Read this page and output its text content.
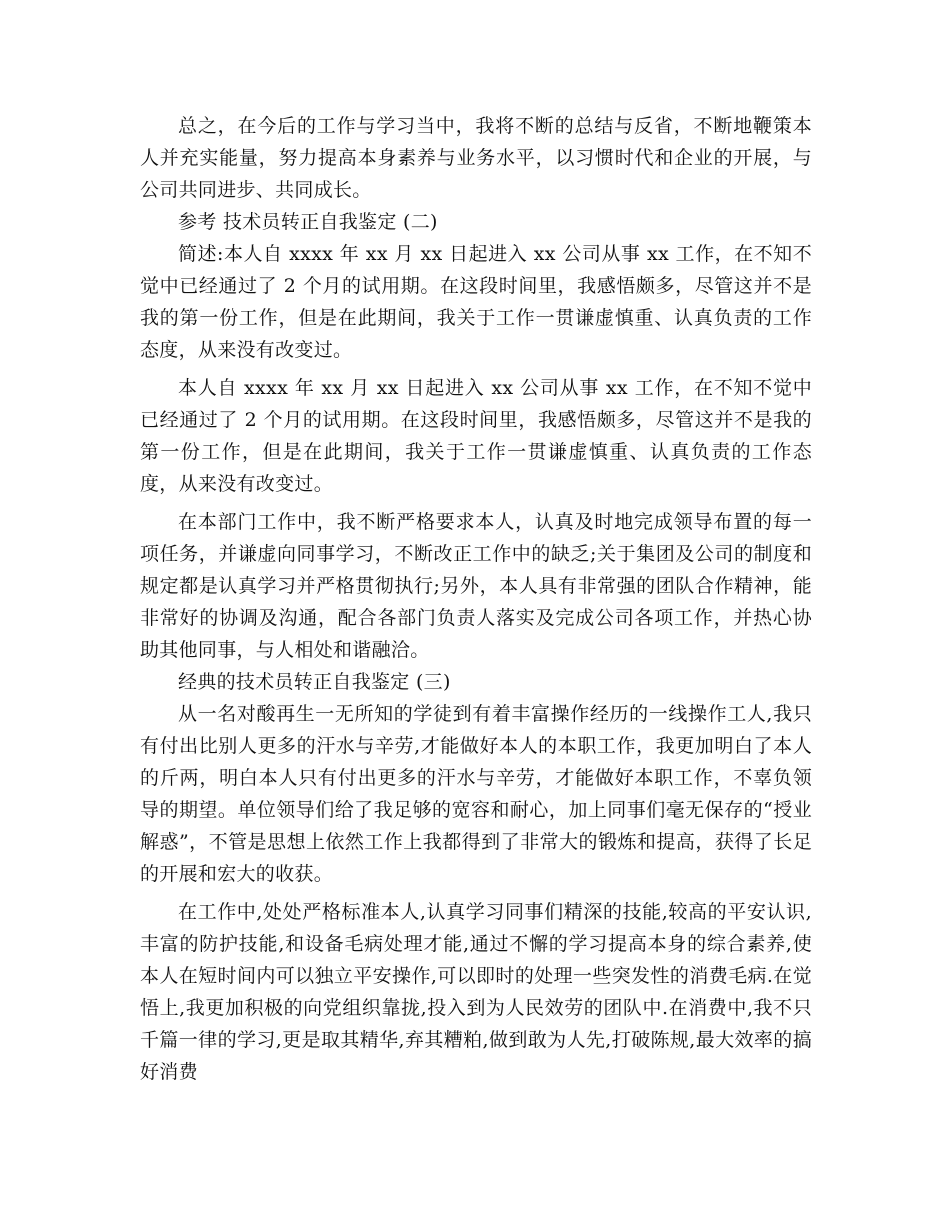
总之，在今后的工作与学习当中，我将不断的总结与反省，不断地鞭策本人并充实能量，努力提高本身素养与业务水平，以习惯时代和企业的开展，与公司共同进步、共同成长。

参考 技术员转正自我鉴定 (二)

简述:本人自 xxxx 年 xx 月 xx 日起进入 xx 公司从事 xx 工作，在不知不觉中已经通过了 2 个月的试用期。在这段时间里，我感悟颇多，尽管这并不是我的第一份工作，但是在此期间，我关于工作一贯谦虚慎重、认真负责的工作态度，从来没有改变过。

本人自 xxxx 年 xx 月 xx 日起进入 xx 公司从事 xx 工作，在不知不觉中已经通过了 2 个月的试用期。在这段时间里，我感悟颇多，尽管这并不是我的第一份工作，但是在此期间，我关于工作一贯谦虚慎重、认真负责的工作态度，从来没有改变过。

在本部门工作中，我不断严格要求本人，认真及时地完成领导布置的每一项任务，并谦虚向同事学习，不断改正工作中的缺乏;关于集团及公司的制度和规定都是认真学习并严格贯彻执行;另外，本人具有非常强的团队合作精神，能非常好的协调及沟通，配合各部门负责人落实及完成公司各项工作，并热心协助其他同事，与人相处和谐融洽。

经典的技术员转正自我鉴定 (三)

从一名对酸再生一无所知的学徒到有着丰富操作经历的一线操作工人,我只有付出比别人更多的汗水与辛劳,才能做好本人的本职工作，我更加明白了本人的斤两，明白本人只有付出更多的汗水与辛劳，才能做好本职工作，不辜负领导的期望。单位领导们给了我足够的宽容和耐心，加上同事们毫无保存的“授业解惑”，不管是思想上依然工作上我都得到了非常大的锻炼和提高，获得了长足的开展和宏大的收获。

在工作中,处处严格标准本人,认真学习同事们精深的技能,较高的平安认识,丰富的防护技能,和设备毛病处理才能,通过不懈的学习提高本身的综合素养,使本人在短时间内可以独立平安操作,可以即时的处理一些突发性的消费毛病.在觉悟上,我更加积极的向党组织靠拢,投入到为人民效劳的团队中.在消费中,我不只千篇一律的学习,更是取其精华,弃其糟粕,做到敢为人先,打破陈规,最大效率的搞好消费
